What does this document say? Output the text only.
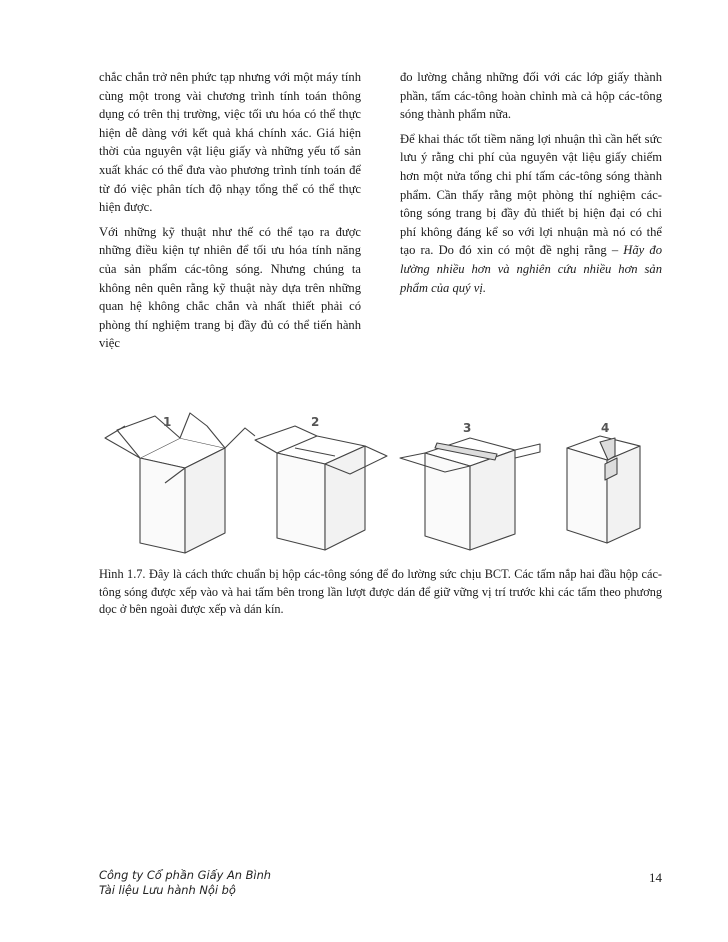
chắc chắn trở nên phức tạp nhưng với một máy tính cùng một trong vài chương trình tính toán thông dụng có trên thị trường, việc tối ưu hóa có thể thực hiện dễ dàng với kết quả khá chính xác. Giá hiện thời của nguyên vật liệu giấy và những yếu tố sản xuất khác có thể đưa vào phương trình tính toán để từ đó việc phân tích độ nhạy tổng thể có thể thực hiện được.

Với những kỹ thuật như thế có thể tạo ra được những điều kiện tự nhiên để tối ưu hóa tính năng của sản phẩm các-tông sóng. Nhưng chúng ta không nên quên rằng kỹ thuật này dựa trên những quan hệ không chắc chắn và nhất thiết phải có phòng thí nghiệm trang bị đầy đủ có thể tiến hành việc

đo lường chẳng những đối với các lớp giấy thành phần, tấm các-tông hoàn chỉnh mà cả hộp các-tông sóng thành phẩm nữa.

Để khai thác tốt tiềm năng lợi nhuận thì cần hết sức lưu ý rằng chi phí của nguyên vật liệu giấy chiếm hơn một nửa tổng chi phí tấm các-tông sóng thành phẩm. Cần thấy rằng một phòng thí nghiệm các-tông sóng trang bị đầy đủ thiết bị hiện đại có chi phí không đáng kể so với lợi nhuận mà nó có thể tạo ra. Do đó xin có một đề nghị rằng – Hãy đo lường nhiều hơn và nghiên cứu nhiều hơn sản phẩm của quý vị.

1	2	3	4
Hình 1.7. Đây là cách thức chuẩn bị hộp các-tông sóng để đo lường sức chịu BCT. Các tấm nắp hai đầu hộp các-tông sóng được xếp vào và hai tấm bên trong lần lượt được dán để giữ vững vị trí trước khi các tấm theo phương dọc ở bên ngoài được xếp và dán kín.
Công ty Cổ phần Giấy An Bình
Tài liệu Lưu hành Nội bộ
14
